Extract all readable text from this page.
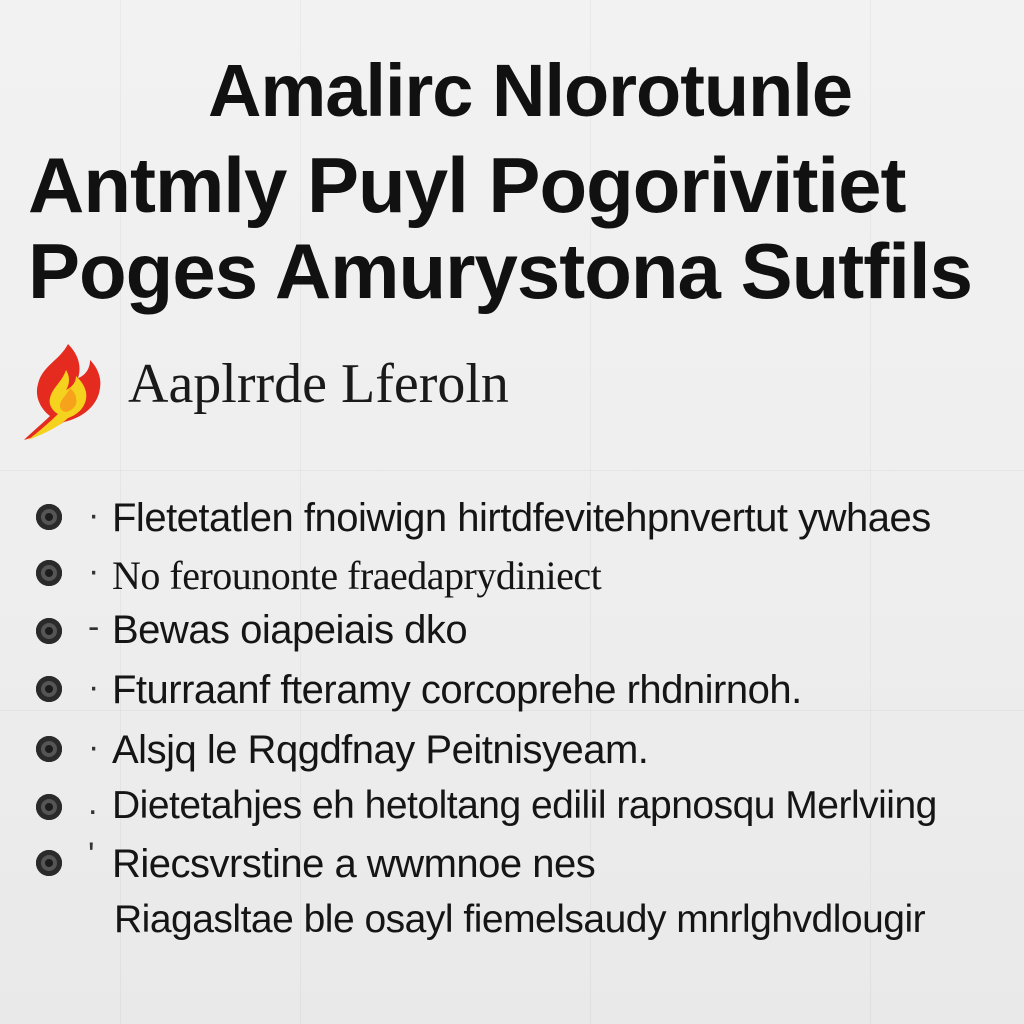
Amalirc Nlorotunle
Antmly Puyl Pogorivitiet
Poges Amurystona Sutfils
Aaplrrde Lferoln
· Fletetatlen fnoiwign hirtdfevitehpnvertut ywhaes
· No ferounonte fraedaprydiniect
- Bewas oiapeiais dko
· Fturraanf fteramy corcoprehe rhdnirnoh.
· Alsjq le Rqgdfnay Peitnisyeam.
. Dietetahjes eh hetoltang edilil rapnosqu Merlviing
' Riecsvrstine a wwmnoe nes
Riagasltae ble osayl fiemelsaudy mnrlghvdlougir
